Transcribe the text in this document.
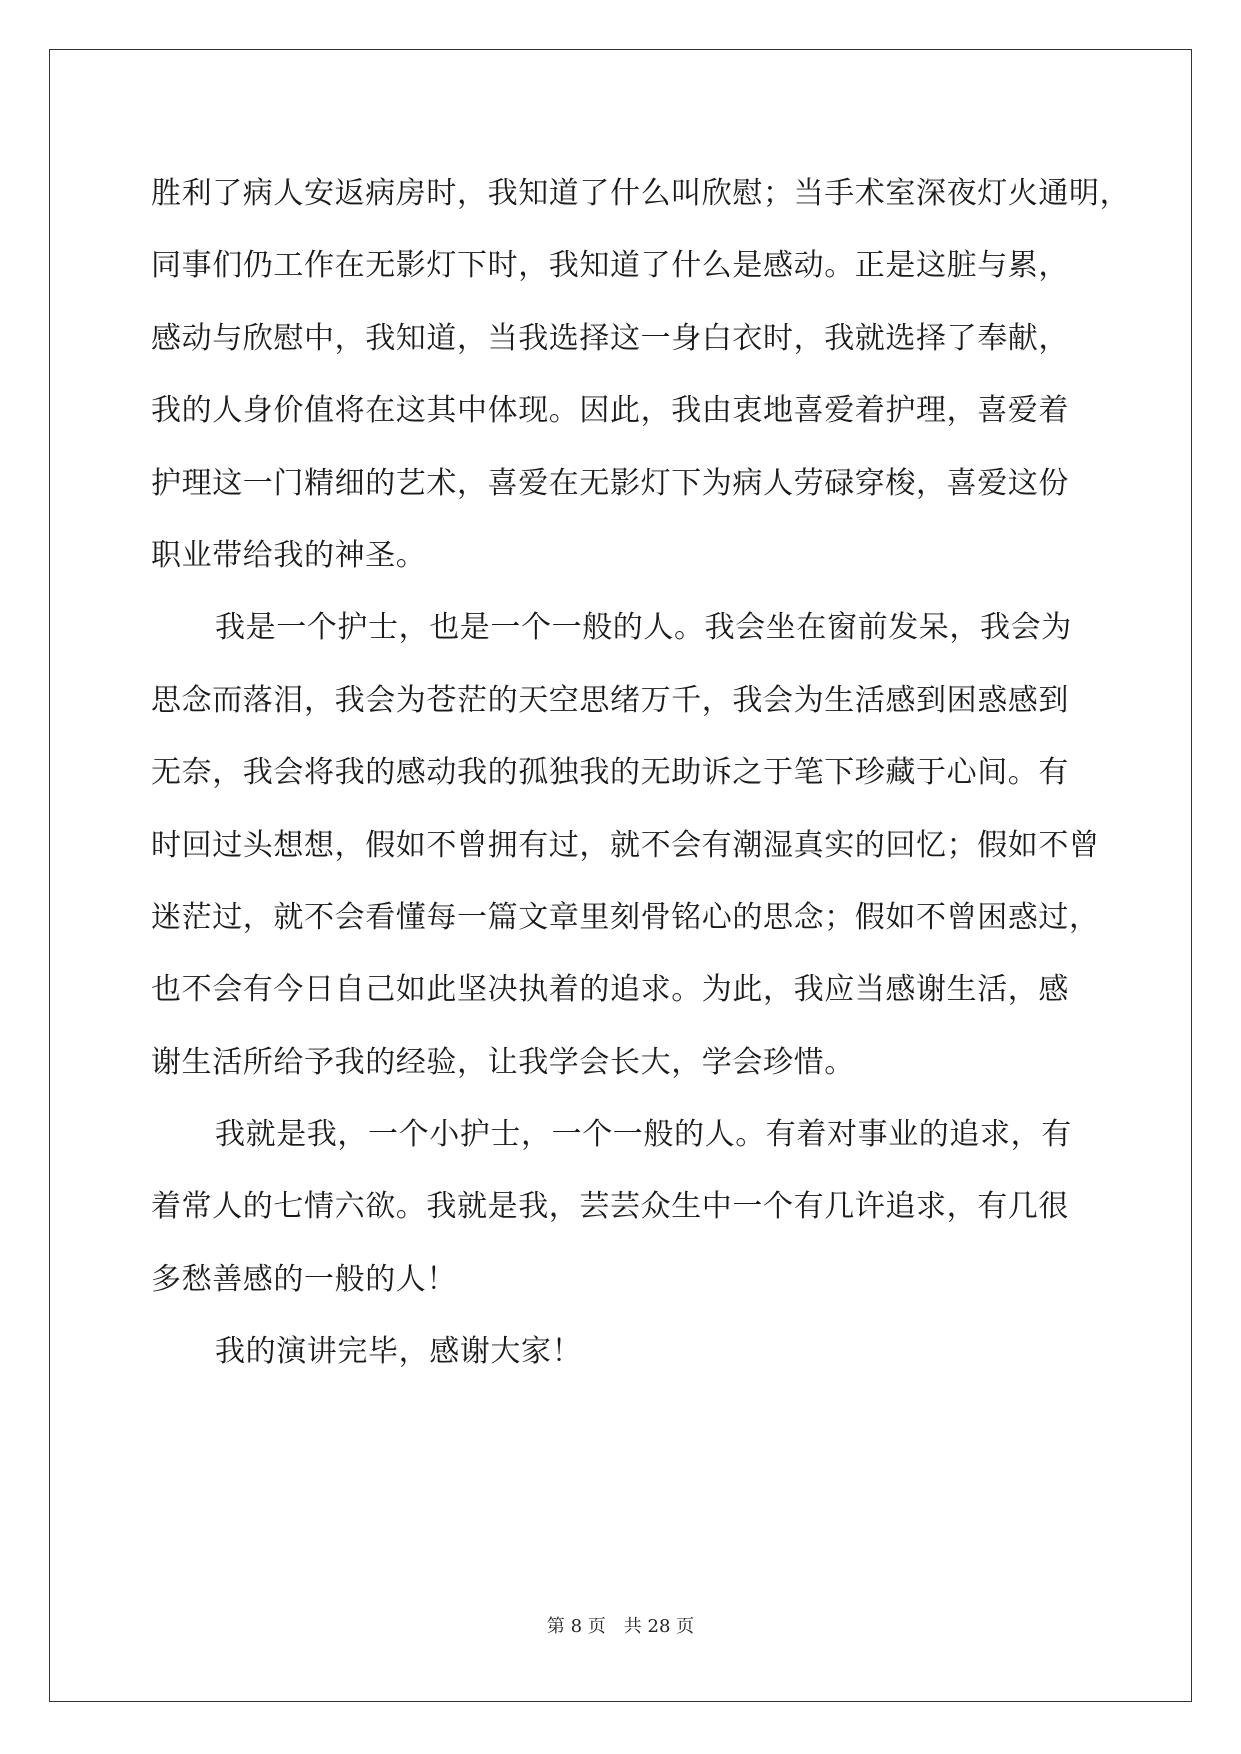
胜利了病人安返病房时，我知道了什么叫欣慰；当手术室深夜灯火通明，
同事们仍工作在无影灯下时，我知道了什么是感动。正是这脏与累，
感动与欣慰中，我知道，当我选择这一身白衣时，我就选择了奉献，
我的人身价值将在这其中体现。因此，我由衷地喜爱着护理，喜爱着
护理这一门精细的艺术，喜爱在无影灯下为病人劳碌穿梭，喜爱这份
职业带给我的神圣。
我是一个护士，也是一个一般的人。我会坐在窗前发呆，我会为
思念而落泪，我会为苍茫的天空思绪万千，我会为生活感到困惑感到
无奈，我会将我的感动我的孤独我的无助诉之于笔下珍藏于心间。有
时回过头想想，假如不曾拥有过，就不会有潮湿真实的回忆；假如不曾
迷茫过，就不会看懂每一篇文章里刻骨铭心的思念；假如不曾困惑过，
也不会有今日自己如此坚决执着的追求。为此，我应当感谢生活，感
谢生活所给予我的经验，让我学会长大，学会珍惜。
我就是我，一个小护士，一个一般的人。有着对事业的追求，有
着常人的七情六欲。我就是我，芸芸众生中一个有几许追求，有几很
多愁善感的一般的人！
我的演讲完毕，感谢大家！
第 8 页　共 28 页
